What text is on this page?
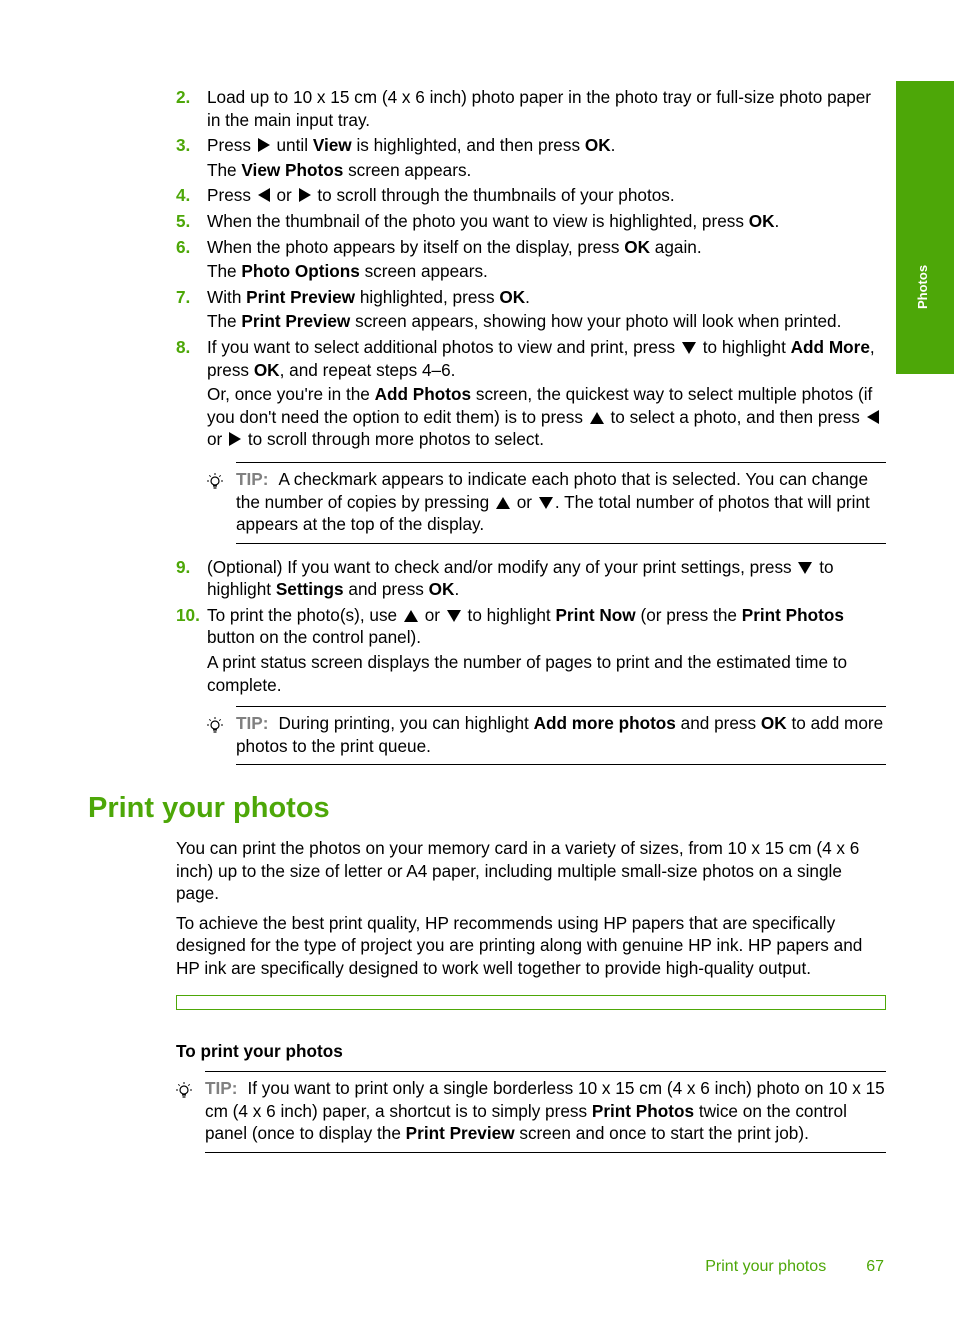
Photos
2. Load up to 10 x 15 cm (4 x 6 inch) photo paper in the photo tray or full-size photo paper in the main input tray.

3. Press until View is highlighted, and then press OK.

The View Photos screen appears.

4. Press or to scroll through the thumbnails of your photos.

5. When the thumbnail of the photo you want to view is highlighted, press OK.

6. When the photo appears by itself on the display, press OK again.

The Photo Options screen appears.

7. With Print Preview highlighted, press OK.

The Print Preview screen appears, showing how your photo will look when printed.

8. If you want to select additional photos to view and print, press to highlight Add More, press OK, and repeat steps 4–6.

Or, once you're in the Add Photos screen, the quickest way to select multiple photos (if you don't need the option to edit them) is to press to select a photo, and then press  or to scroll through more photos to select.

TIP: A checkmark appears to indicate each photo that is selected. You can change the number of copies by pressing or . The total number of photos that will print appears at the top of the display.
9. (Optional) If you want to check and/or modify any of your print settings, press to highlight Settings and press OK.

10. To print the photo(s), use or to highlight Print Now (or press the Print Photos button on the control panel).

A print status screen displays the number of pages to print and the estimated time to complete.

TIP: During printing, you can highlight Add more photos and press OK to add more photos to the print queue.
Print your photos

You can print the photos on your memory card in a variety of sizes, from 10 x 15 cm (4 x 6 inch) up to the size of letter or A4 paper, including multiple small-size photos on a single page.

To achieve the best print quality, HP recommends using HP papers that are specifically designed for the type of project you are printing along with genuine HP ink. HP papers and HP ink are specifically designed to work well together to provide high-quality output.

To print your photos
TIP: If you want to print only a single borderless 10 x 15 cm (4 x 6 inch) photo on 10 x 15 cm (4 x 6 inch) paper, a shortcut is to simply press Print Photos twice on the control panel (once to display the Print Preview screen and once to start the print job).
Print your photos	67
